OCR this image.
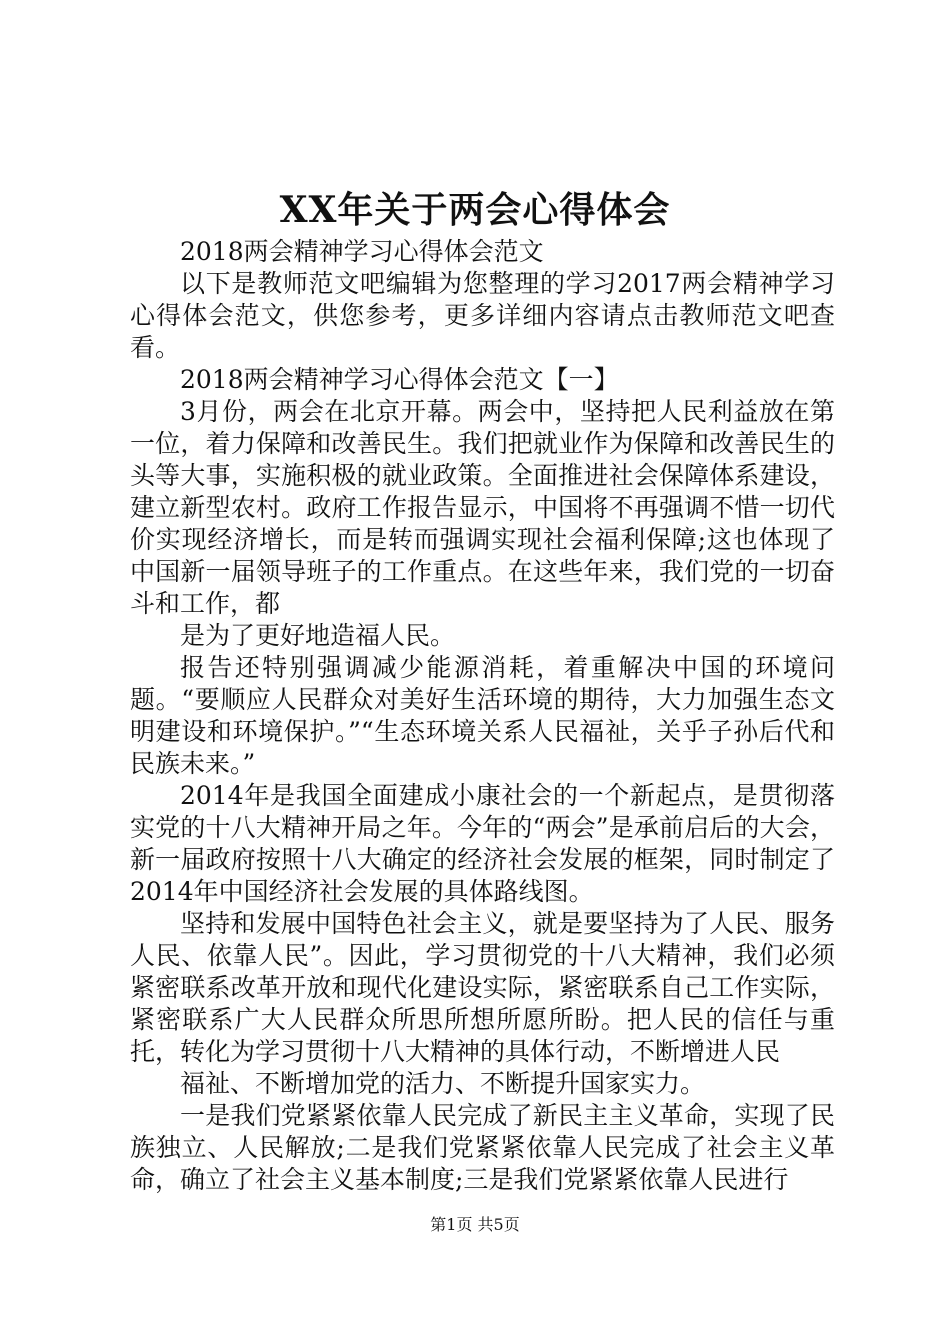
XX年关于两会心得体会

2018两会精神学习心得体会范文

以下是教师范文吧编辑为您整理的学习2017两会精神学习心得体会范文，供您参考，更多详细内容请点击教师范文吧查看。

2018两会精神学习心得体会范文【一】

3月份，两会在北京开幕。两会中，坚持把人民利益放在第一位，着力保障和改善民生。我们把就业作为保障和改善民生的头等大事，实施积极的就业政策。全面推进社会保障体系建设，建立新型农村。政府工作报告显示，中国将不再强调不惜一切代价实现经济增长，而是转而强调实现社会福利保障;这也体现了中国新一届领导班子的工作重点。在这些年来，我们党的一切奋斗和工作，都

是为了更好地造福人民。

报告还特别强调减少能源消耗，着重解决中国的环境问题。“要顺应人民群众对美好生活环境的期待，大力加强生态文明建设和环境保护。”“生态环境关系人民福祉，关乎子孙后代和民族未来。”

2014年是我国全面建成小康社会的一个新起点，是贯彻落实党的十八大精神开局之年。今年的“两会”是承前启后的大会，新一届政府按照十八大确定的经济社会发展的框架，同时制定了2014年中国经济社会发展的具体路线图。

坚持和发展中国特色社会主义，就是要坚持为了人民、服务人民、依靠人民”。因此，学习贯彻党的十八大精神，我们必须紧密联系改革开放和现代化建设实际，紧密联系自己工作实际，紧密联系广大人民群众所思所想所愿所盼。把人民的信任与重托，转化为学习贯彻十八大精神的具体行动，不断增进人民

福祉、不断增加党的活力、不断提升国家实力。

一是我们党紧紧依靠人民完成了新民主主义革命，实现了民族独立、人民解放;二是我们党紧紧依靠人民完成了社会主义革命，确立了社会主义基本制度;三是我们党紧紧依靠人民进行

第1页 共5页
